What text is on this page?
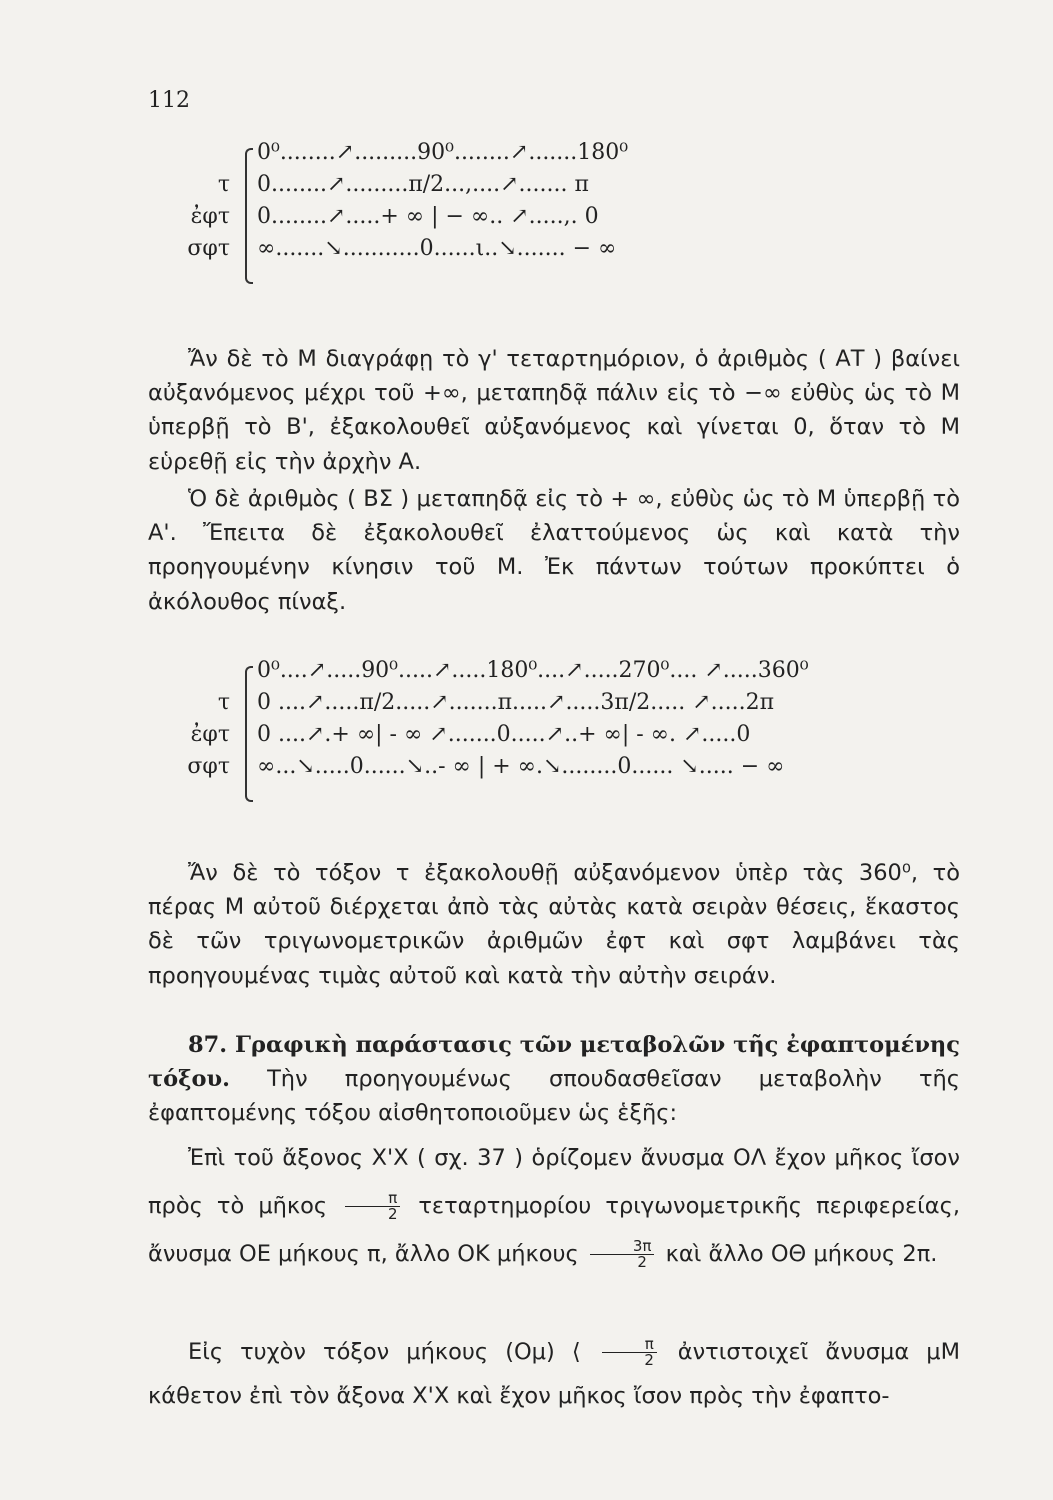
112
0⁰........↗.........90⁰........↗.......180⁰
τ 0........↗.........π/2...,....↗....... π
ἐφτ 0........↗.....+ ∞ | − ∞.. ↗.....,. 0
σφτ ∞.......↘...........0......ι..↘....... − ∞
Ἄν δὲ τὸ Μ διαγράφῃ τὸ γ' τεταρτημόριον, ὁ ἀριθμὸς ( ΑΤ ) βαίνει αὐξανόμενος μέχρι τοῦ +∞, μεταπηδᾷ πάλιν εἰς τὸ −∞ εὐθὺς ὡς τὸ Μ ὑπερβῇ τὸ Β', ἐξακολουθεῖ αὐξανόμενος καὶ γίνεται 0, ὅταν τὸ Μ εὑρεθῇ εἰς τὴν ἀρχὴν Α.
Ὁ δὲ ἀριθμὸς ( ΒΣ ) μεταπηδᾷ εἰς τὸ + ∞, εὐθὺς ὡς τὸ Μ ὑπερβῇ τὸ Α'. Ἔπειτα δὲ ἐξακολουθεῖ ἐλαττούμενος ὡς καὶ κατὰ τὴν προηγουμένην κίνησιν τοῦ Μ. Ἐκ πάντων τούτων προκύπτει ὁ ἀκόλουθος πίναξ.
0⁰....↗.....90⁰.....↗.....180⁰....↗.....270⁰.... ↗.....360⁰
τ 0 ....↗.....π/2.....↗.......π.....↗.....3π/2..... ↗.....2π
ἐφτ 0 ....↗.+ ∞| - ∞ ↗.......0.....↗..+ ∞| - ∞. ↗.....0
σφτ ∞...↘.....0......↘..- ∞ | + ∞.↘........0...... ↘..... − ∞
Ἄν δὲ τὸ τόξον τ ἐξακολουθῇ αὐξανόμενον ὑπὲρ τὰς 360⁰, τὸ πέρας Μ αὐτοῦ διέρχεται ἀπὸ τὰς αὐτὰς κατὰ σειρὰν θέσεις, ἕκαστος δὲ τῶν τριγωνομετρικῶν ἀριθμῶν ἐφτ καὶ σφτ λαμβάνει τὰς προηγουμένας τιμὰς αὐτοῦ καὶ κατὰ τὴν αὐτὴν σειράν.
87. Γραφικὴ παράστασις τῶν μεταβολῶν τῆς ἐφαπτομένης τόξου. Τὴν προηγουμένως σπουδασθεῖσαν μεταβολὴν τῆς ἐφαπτομένης τόξου αἰσθητοποιοῦμεν ὡς ἑξῆς:
Ἐπὶ τοῦ ἄξονος Χ'Χ ( σχ. 37 ) ὁρίζομεν ἄνυσμα ΟΛ ἔχον μῆκος ἴσον πρὸς τὸ μῆκος $\frac{\pi}{2}$ τεταρτημορίου τριγωνομετρικῆς περιφερείας, ἄνυσμα ΟΕ μήκους π, ἄλλο ΟΚ μήκους $\frac{3\pi}{2}$ καὶ ἄλλο ΟΘ μήκους 2π.
Εἰς τυχὸν τόξον μήκους (Ομ) ⟨ $\frac{\pi}{2}$ ἀντιστοιχεῖ ἄνυσμα μΜ κάθετον ἐπὶ τὸν ἄξονα Χ'Χ καὶ ἔχον μῆκος ἴσον πρὸς τὴν ἐφαπτο-
